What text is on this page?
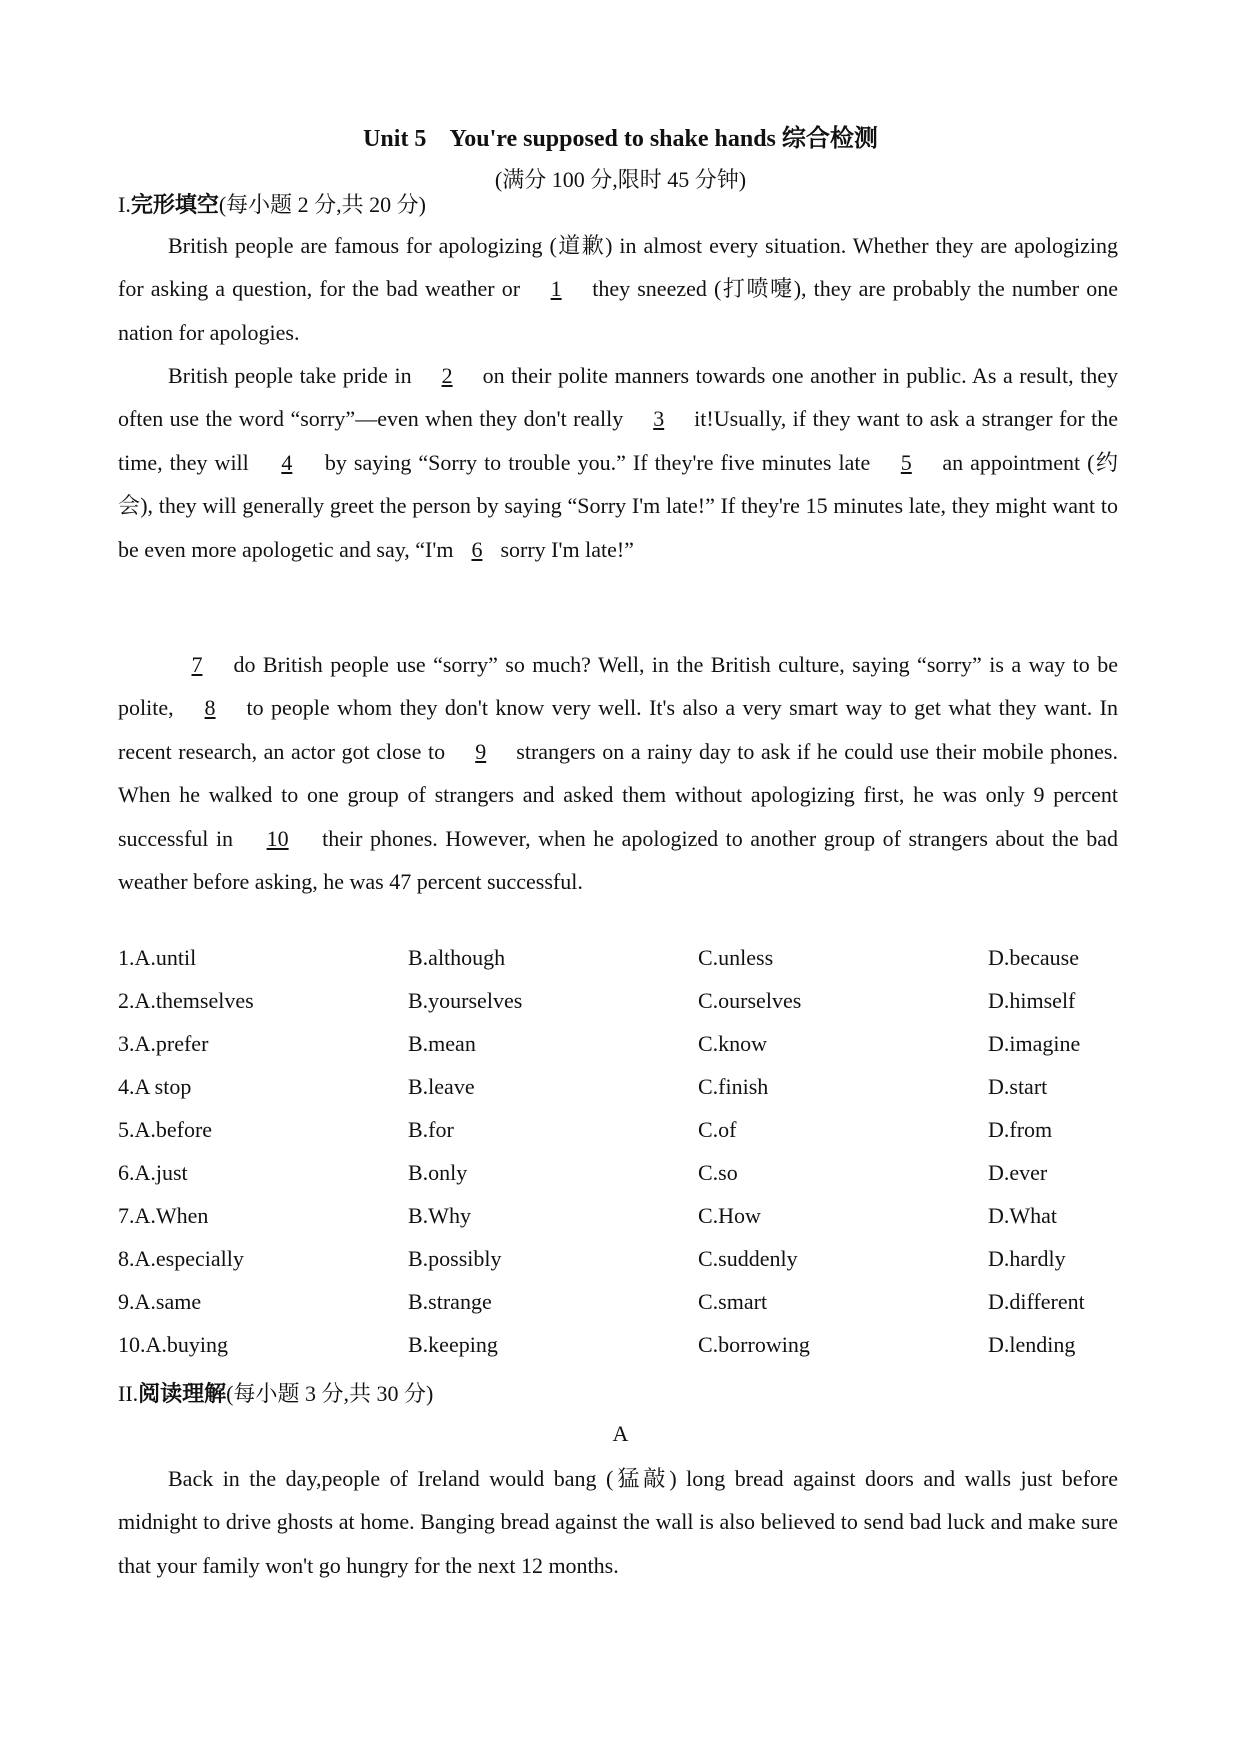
Unit 5    You're supposed to shake hands 综合检测
(满分 100 分,限时 45 分钟)
I.完形填空(每小题 2 分,共 20 分)
British people are famous for apologizing (道歉) in almost every situation. Whether they are apologizing for asking a question, for the bad weather or 1 they sneezed (打喷嚏), they are probably the number one nation for apologies.
British people take pride in 2 on their polite manners towards one another in public. As a result, they often use the word “sorry”—even when they don't really 3 it!Usually, if they want to ask a stranger for the time, they will 4 by saying “Sorry to trouble you.” If they're five minutes late 5 an appointment (约会), they will generally greet the person by saying “Sorry I'm late!” If they're 15 minutes late, they might want to be even more apologetic and say, “I'm 6 sorry I'm late!”
7 do British people use “sorry” so much? Well, in the British culture, saying “sorry” is a way to be polite, 8 to people whom they don't know very well. It's also a very smart way to get what they want. In recent research, an actor got close to 9 strangers on a rainy day to ask if he could use their mobile phones. When he walked to one group of strangers and asked them without apologizing first, he was only 9 percent successful in 10 their phones. However, when he apologized to another group of strangers about the bad weather before asking, he was 47 percent successful.
1.A.until	B.although	C.unless	D.because
2.A.themselves	B.yourselves	C.ourselves	D.himself
3.A.prefer	B.mean	C.know	D.imagine
4.A stop	B.leave	C.finish	D.start
5.A.before	B.for	C.of	D.from
6.A.just	B.only	C.so	D.ever
7.A.When	B.Why	C.How	D.What
8.A.especially	B.possibly	C.suddenly	D.hardly
9.A.same	B.strange	C.smart	D.different
10.A.buying	B.keeping	C.borrowing	D.lending
II.阅读理解(每小题 3 分,共 30 分)
A
Back in the day,people of Ireland would bang (猛敲) long bread against doors and walls just before midnight to drive ghosts at home. Banging bread against the wall is also believed to send bad luck and make sure that your family won't go hungry for the next 12 months.
